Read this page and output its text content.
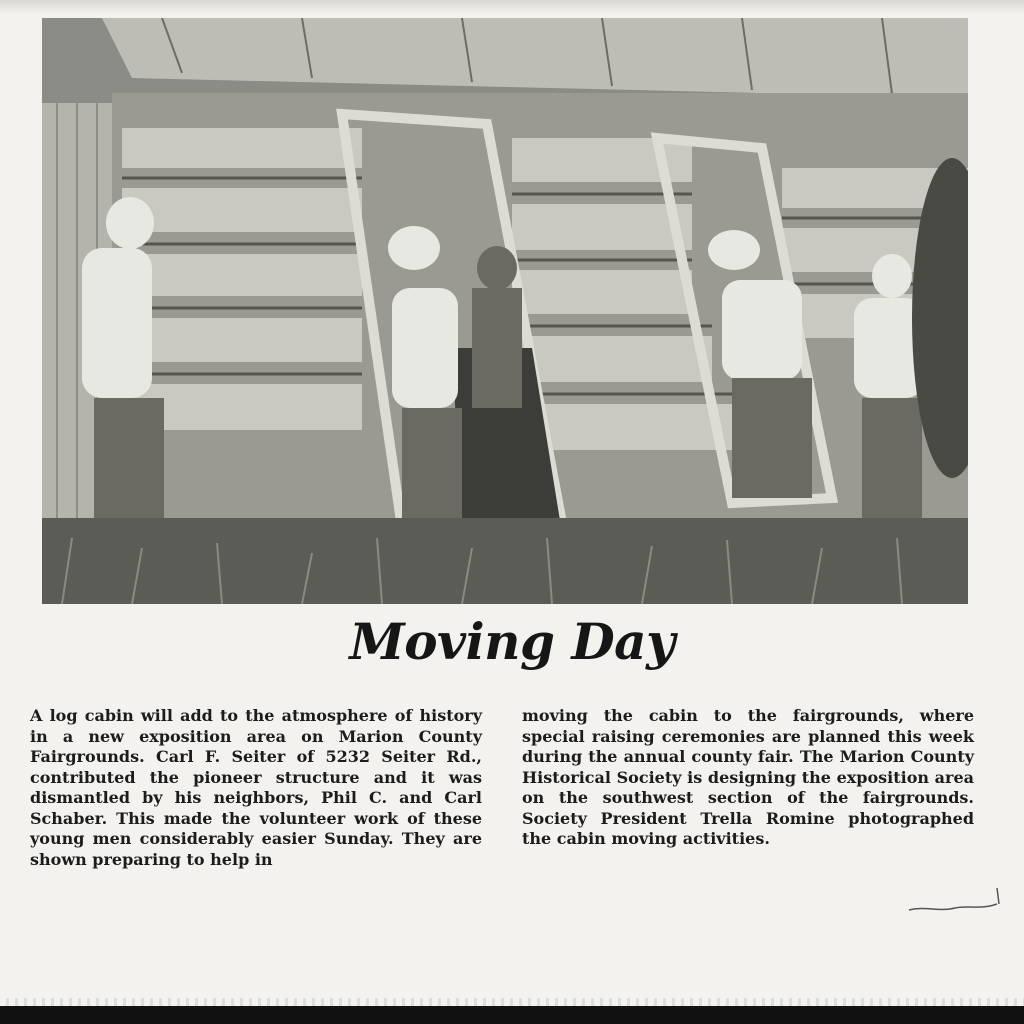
Moving Day

A log cabin will add to the atmosphere of history in a new exposition area on Marion County Fairgrounds. Carl F. Seiter of 5232 Seiter Rd., contributed the pioneer structure and it was dismantled by his neighbors, Phil C. and Carl Schaber. This made the volunteer work of these young men considerably easier Sunday. They are shown preparing to help in

moving the cabin to the fairgrounds, where special raising ceremonies are planned this week during the annual county fair. The Marion County Historical Society is designing the exposition area on the southwest section of the fairgrounds. Society President Trella Romine photographed the cabin moving activities.
